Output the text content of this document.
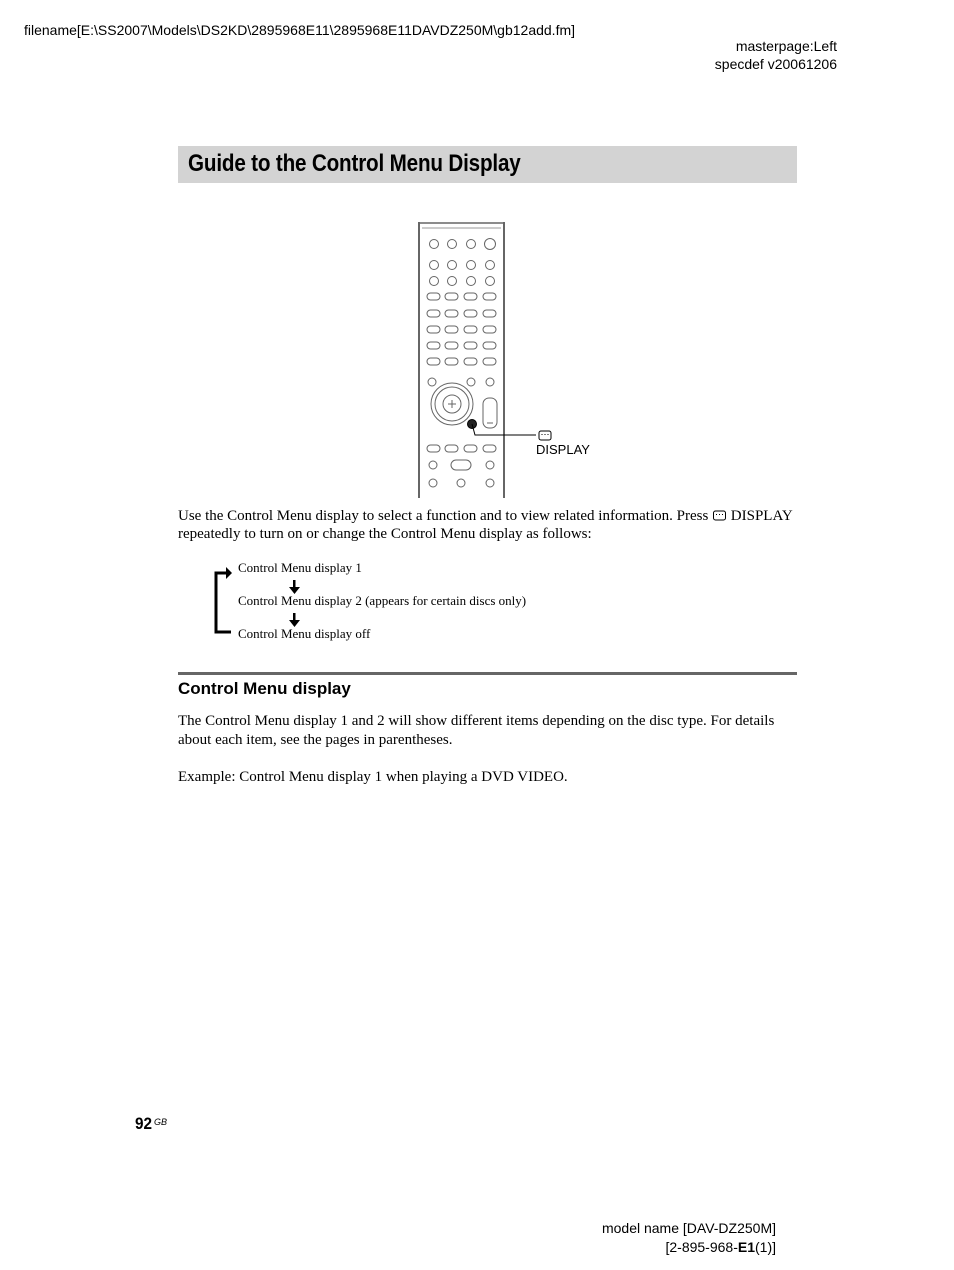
filename[E:\SS2007\Models\DS2KD\2895968E11\2895968E11DAVDZ250M\gb12add.fm]
masterpage:Left
specdef v20061206
Guide to the Control Menu Display
DISPLAY
Use the Control Menu display to select a function and to view related information. Press  DISPLAY repeatedly to turn on or change the Control Menu display as follows:
Control Menu display 1
Control Menu display 2 (appears for certain discs only)
Control Menu display off
Control Menu display
The Control Menu display 1 and 2 will show different items depending on the disc type. For details about each item, see the pages in parentheses.
Example: Control Menu display 1 when playing a DVD VIDEO.
92 GB
model name [DAV-DZ250M]
[2-895-968-E1(1)]
